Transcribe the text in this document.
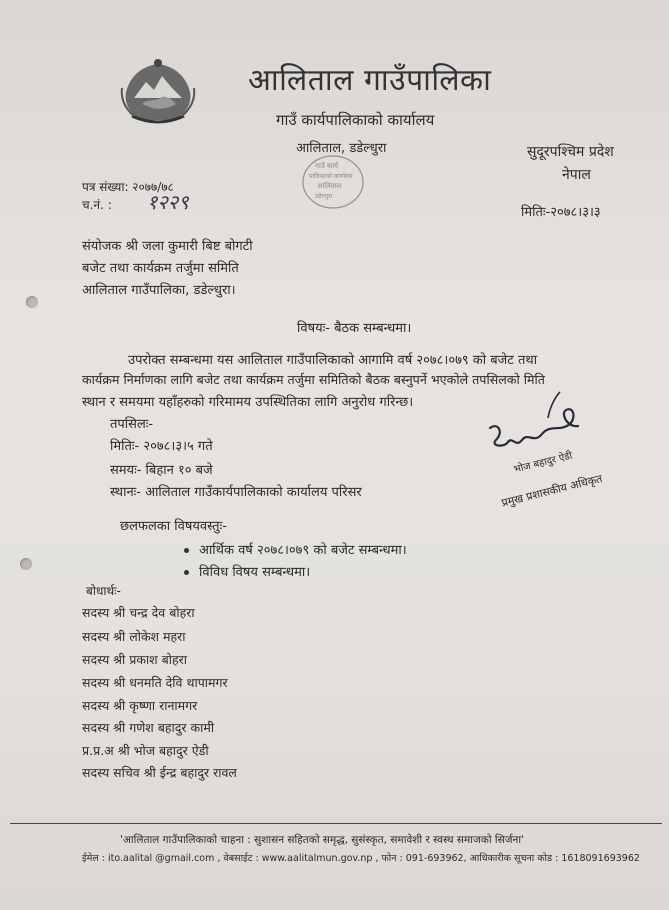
आलिताल गाउँपालिका
गाउँ कार्यपालिकाको कार्यालय
आलिताल, डडेल्धुरा	सुदूरपश्चिम प्रदेश
नेपाल
गाउँ कार्य
पालिकाको कार्यालय
आलिताल
डडेल्धुरा
पत्र संख्या: २०७७/७८
च.नं. : १२२९	मितिः-२०७८।३।३
संयोजक श्री जला कुमारी बिष्ट बोगटी
बजेट तथा कार्यक्रम तर्जुमा समिति
आलिताल गाउँपालिका, डडेल्धुरा।
विषयः- बैठक सम्बन्धमा।
उपरोक्त सम्बन्धमा यस आलिताल गाउँपालिकाको आगामि वर्ष २०७८।०७९ को बजेट तथा
कार्यक्रम निर्माणका लागि बजेट तथा कार्यक्रम तर्जुमा समितिको बैठक बस्नुपर्ने भएकोले तपसिलको मिति
स्थान र समयमा यहाँहरुको गरिमामय उपस्थितिका लागि अनुरोध गरिन्छ।
तपसिलः-
मितिः- २०७८।३।५ गते
समयः- बिहान १० बजे
स्थानः- आलिताल गाउँकार्यपालिकाको कार्यालय परिसर
भोज बहादुर ऐडी
प्रमुख प्रशासकीय अधिकृत
छलफलका विषयवस्तुः-
आर्थिक वर्ष २०७८।०७९ को बजेट सम्बन्धमा।
विविध विषय सम्बन्धमा।
बोधार्थः-
सदस्य श्री चन्द्र देव बोहरा
सदस्य श्री लोकेश महरा
सदस्य श्री प्रकाश बोहरा
सदस्य श्री धनमति देवि थापामगर
सदस्य श्री कृष्णा रानामगर
सदस्य श्री गणेश बहादुर कामी
प्र.प्र.अ श्री भोज बहादुर ऐडी
सदस्य सचिव श्री ईन्द्र बहादुर रावल
'आलिताल गाउँपालिकाको चाहना : सुशासन सहितको समृद्ध, सुसंस्कृत, समावेशी र स्वस्थ समाजको सिर्जना'
ईमेल : ito.aalital @gmail.com , वेबसाईट : www.aalitalmun.gov.np , फोन : 091-693962, आधिकारीक सूचना कोड : 1618091693962
